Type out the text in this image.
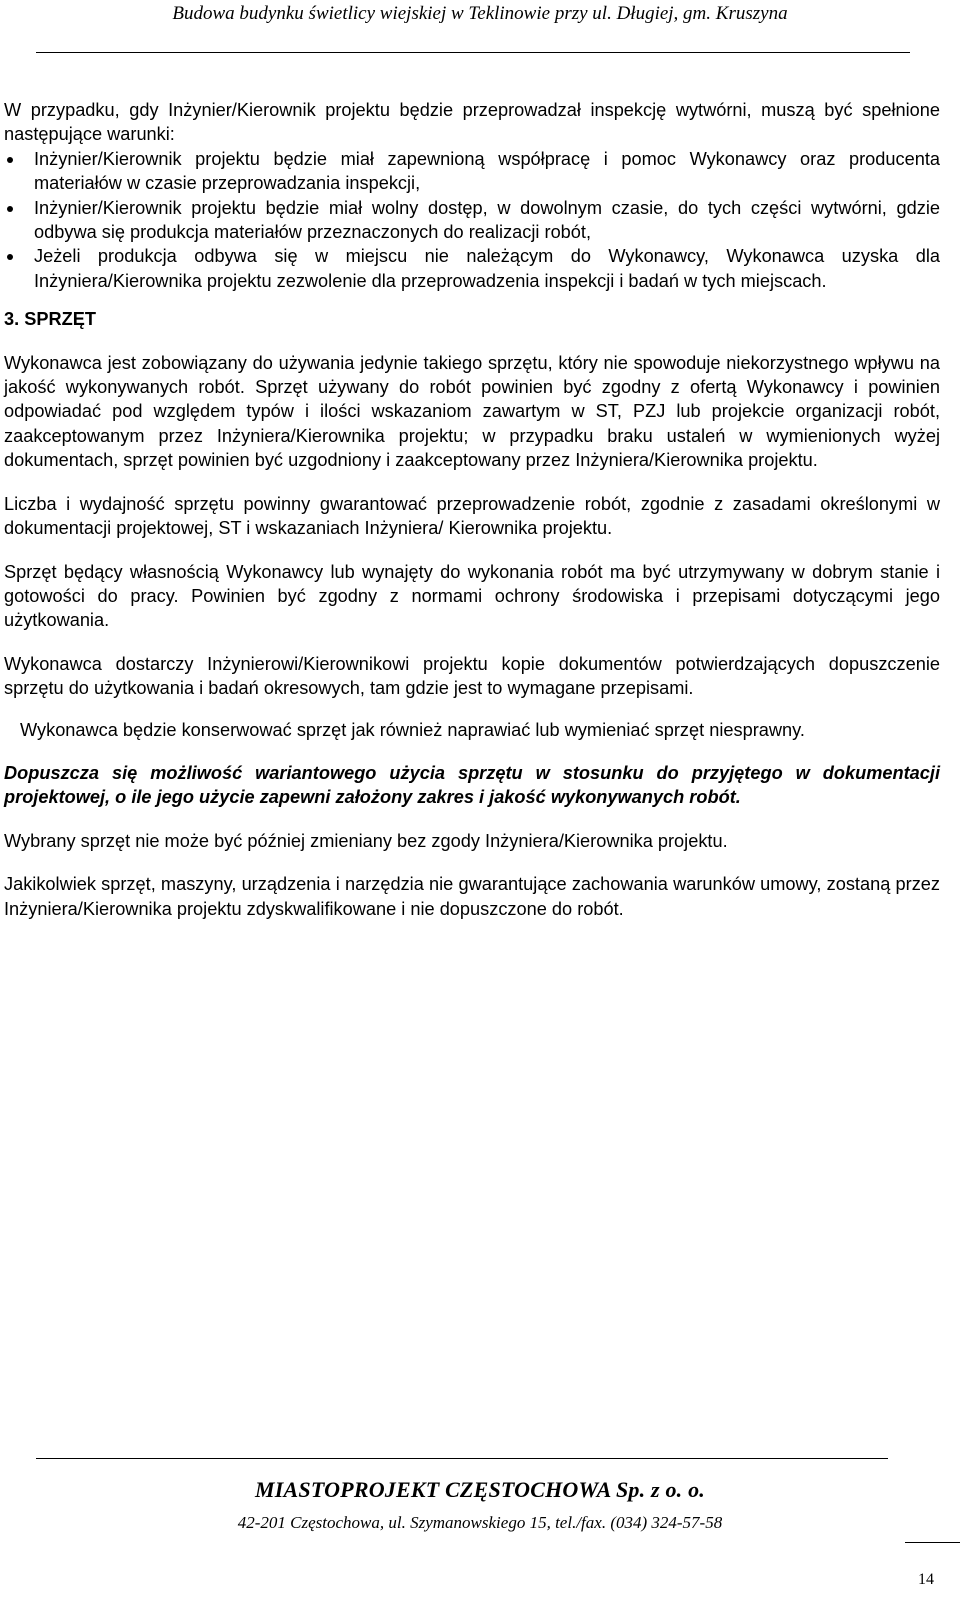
Budowa budynku świetlicy wiejskiej w Teklinowie przy ul. Długiej, gm. Kruszyna

W przypadku, gdy Inżynier/Kierownik projektu będzie przeprowadzał inspekcję wytwórni, muszą być spełnione następujące warunki:

Inżynier/Kierownik projektu będzie miał zapewnioną współpracę i pomoc Wykonawcy oraz producenta materiałów w czasie przeprowadzania inspekcji,
Inżynier/Kierownik projektu będzie miał wolny dostęp, w dowolnym czasie, do tych części wytwórni, gdzie odbywa się produkcja materiałów przeznaczonych do realizacji robót,
Jeżeli produkcja odbywa się w miejscu nie należącym do Wykonawcy, Wykonawca uzyska dla Inżyniera/Kierownika projektu zezwolenie dla przeprowadzenia inspekcji i badań w tych miejscach.

3. SPRZĘT

Wykonawca jest zobowiązany do używania jedynie takiego sprzętu, który nie spowoduje niekorzystnego wpływu na jakość wykonywanych robót. Sprzęt używany do robót powinien być zgodny z ofertą Wykonawcy i powinien odpowiadać pod względem typów i ilości wskazaniom zawartym w ST, PZJ lub projekcie organizacji robót, zaakceptowanym przez Inżyniera/Kierownika projektu; w przypadku braku ustaleń w wymienionych wyżej dokumentach, sprzęt powinien być uzgodniony i zaakceptowany przez Inżyniera/Kierownika projektu.

Liczba i wydajność sprzętu powinny gwarantować przeprowadzenie robót, zgodnie z zasadami określonymi w dokumentacji projektowej, ST i wskazaniach Inżyniera/ Kierownika projektu.

Sprzęt będący własnością Wykonawcy lub wynajęty do wykonania robót ma być utrzymywany w dobrym stanie i gotowości do pracy. Powinien być zgodny z normami ochrony środowiska i przepisami dotyczącymi jego użytkowania.

Wykonawca dostarczy Inżynierowi/Kierownikowi projektu kopie dokumentów potwierdzających dopuszczenie sprzętu do użytkowania i badań okresowych, tam gdzie jest to wymagane przepisami.

Wykonawca będzie konserwować sprzęt jak również naprawiać lub wymieniać sprzęt niesprawny.

Dopuszcza się możliwość wariantowego użycia sprzętu w stosunku do przyjętego w dokumentacji projektowej, o ile jego użycie zapewni założony zakres i jakość wykonywanych robót.

Wybrany sprzęt nie może być później zmieniany bez zgody Inżyniera/Kierownika projektu.

Jakikolwiek sprzęt, maszyny, urządzenia i narzędzia nie gwarantujące zachowania warunków umowy, zostaną przez Inżyniera/Kierownika projektu zdyskwalifikowane i nie dopuszczone do robót.

MIASTOPROJEKT CZĘSTOCHOWA Sp. z o. o.
42-201 Częstochowa, ul. Szymanowskiego 15, tel./fax. (034) 324-57-58
14
